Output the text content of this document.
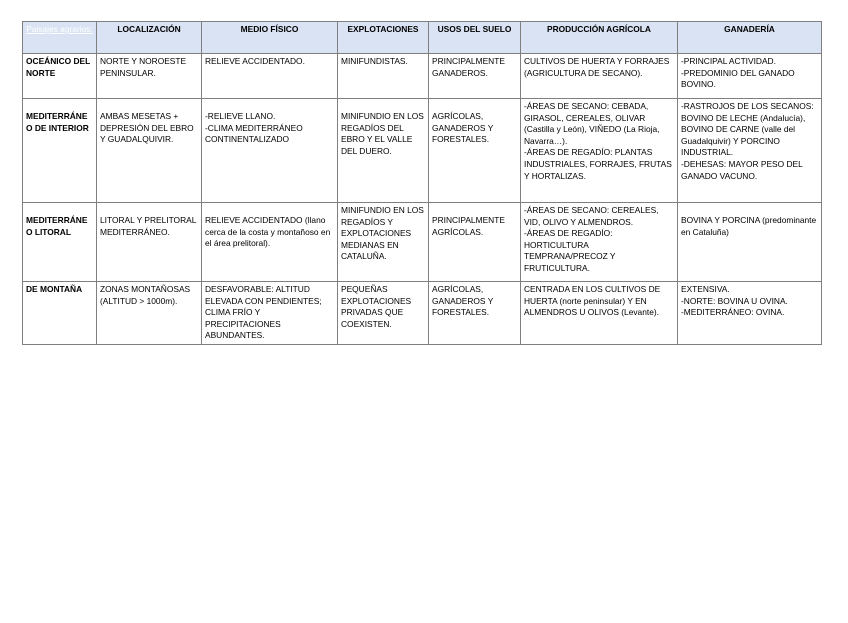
Paisajes agrarios:	LOCALIZACIÓN	MEDIO FÍSICO	EXPLOTACIONES	USOS DEL SUELO	PRODUCCIÓN AGRÍCOLA	GANADERÍA
OCEÁNICO DEL NORTE	NORTE Y NOROESTE PENINSULAR.	RELIEVE ACCIDENTADO.	MINIFUNDISTAS.	PRINCIPALMENTE GANADEROS.	CULTIVOS DE HUERTA Y FORRAJES (AGRICULTURA DE SECANO).	-PRINCIPAL ACTIVIDAD.
-PREDOMINIO DEL GANADO BOVINO.

MEDITERRÁNEO DE INTERIOR	AMBAS MESETAS + DEPRESIÓN DEL EBRO Y GUADALQUIVIR.	-RELIEVE LLANO.
-CLIMA MEDITERRÁNEO CONTINENTALIZADO	MINIFUNDIO EN LOS REGADÍOS DEL EBRO Y EL VALLE DEL DUERO.	AGRÍCOLAS, GANADEROS Y FORESTALES.	-ÁREAS DE SECANO: CEBADA, GIRASOL, CEREALES, OLIVAR (Castilla y León), VIÑEDO (La Rioja, Navarra…).
-ÁREAS DE REGADÍO: PLANTAS INDUSTRIALES, FORRAJES, FRUTAS Y HORTALIZAS.	-RASTROJOS DE LOS SECANOS: BOVINO DE LECHE (Andalucía), BOVINO DE CARNE (valle del Guadalquivir) Y PORCINO INDUSTRIAL.
-DEHESAS: MAYOR PESO DEL GANADO VACUNO.

MEDITERRÁNEO LITORAL	LITORAL Y PRELITORAL MEDITERRÁNEO.	RELIEVE ACCIDENTADO (llano cerca de la costa y montañoso en el área prelitoral).	MINIFUNDIO EN LOS REGADÍOS Y EXPLOTACIONES MEDIANAS EN CATALUÑA.	PRINCIPALMENTE AGRÍCOLAS.	-ÁREAS DE SECANO: CEREALES, VID, OLIVO Y ALMENDROS.
-ÁREAS DE REGADÍO: HORTICULTURA TEMPRANA/PRECOZ Y FRUTICULTURA.	BOVINA Y PORCINA (predominante en Cataluña)

DE MONTAÑA	ZONAS MONTAÑOSAS (ALTITUD > 1000m).	DESFAVORABLE: ALTITUD ELEVADA CON PENDIENTES; CLIMA FRÍO Y PRECIPITACIONES ABUNDANTES.	PEQUEÑAS EXPLOTACIONES PRIVADAS QUE COEXISTEN.	AGRÍCOLAS, GANADEROS Y FORESTALES.	CENTRADA EN LOS CULTIVOS DE HUERTA (norte peninsular) Y EN ALMENDROS U OLIVOS (Levante).	EXTENSIVA.
-NORTE: BOVINA U OVINA.
-MEDITERRÁNEO: OVINA.
